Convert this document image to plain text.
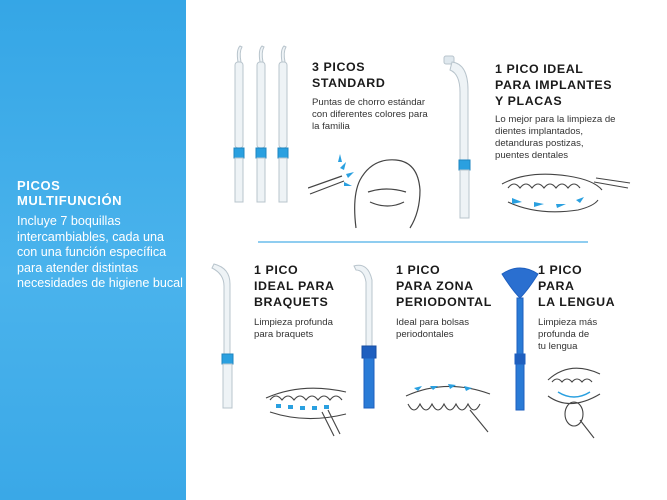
PICOS
MULTIFUNCIÓN
Incluye 7 boquillas intercambiables, cada una con una función específica para atender distintas necesidades de higiene bucal
3 PICOS
STANDARD
Puntas de chorro estándar
con diferentes colores para
la familia
1 PICO IDEAL
PARA IMPLANTES
Y PLACAS
Lo mejor para la limpieza de
dientes implantados,
detanduras postizas,
puentes dentales
1 PICO
IDEAL PARA
BRAQUETS
Limpieza profunda
para braquets
1 PICO
PARA ZONA
PERIODONTAL
Ideal para bolsas
periodontales
1 PICO
PARA
LA LENGUA
Limpieza más
profunda de
tu lengua
